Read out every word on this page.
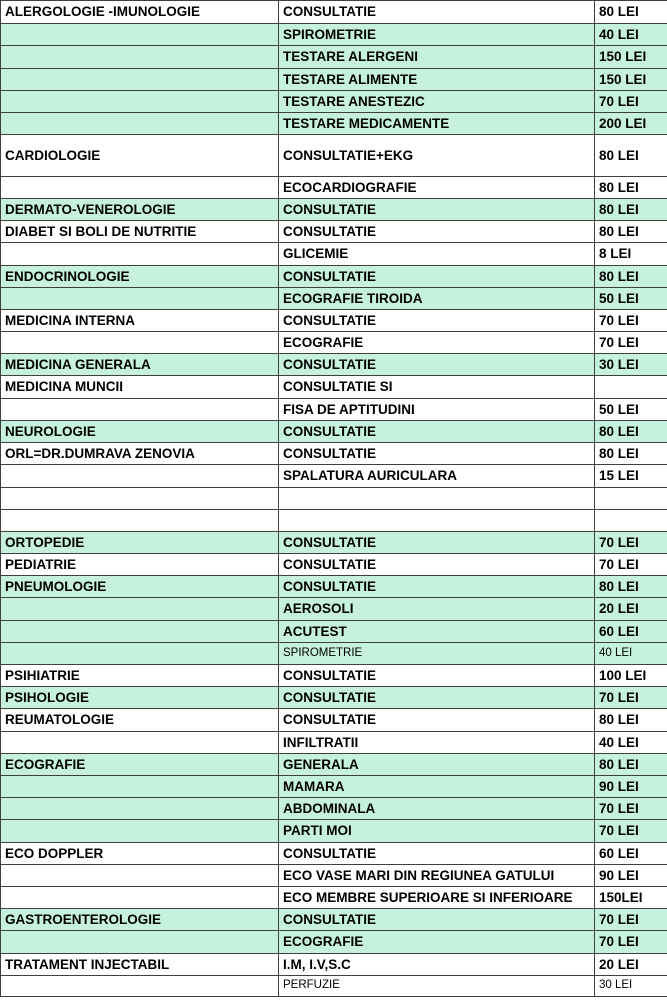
ALERGOLOGIE -IMUNOLOGIE	CONSULTATIE	80 LEI
	SPIROMETRIE	40 LEI
	TESTARE ALERGENI	150 LEI
	TESTARE ALIMENTE	150 LEI
	TESTARE ANESTEZIC	70 LEI
	TESTARE MEDICAMENTE	200 LEI
CARDIOLOGIE	CONSULTATIE+EKG	80 LEI
	ECOCARDIOGRAFIE	80 LEI
DERMATO-VENEROLOGIE	CONSULTATIE	80 LEI
DIABET SI BOLI DE NUTRITIE	CONSULTATIE	80 LEI
	GLICEMIE	8 LEI
ENDOCRINOLOGIE	CONSULTATIE	80 LEI
	ECOGRAFIE TIROIDA	50 LEI
MEDICINA INTERNA	CONSULTATIE	70 LEI
	ECOGRAFIE	70 LEI
MEDICINA GENERALA	CONSULTATIE	30 LEI
MEDICINA MUNCII	CONSULTATIE SI	
	FISA DE APTITUDINI	50 LEI
NEUROLOGIE	CONSULTATIE	80 LEI
ORL=DR.DUMRAVA ZENOVIA	CONSULTATIE	80 LEI
	SPALATURA AURICULARA	15 LEI

ORTOPEDIE	CONSULTATIE	70 LEI
PEDIATRIE	CONSULTATIE	70 LEI
PNEUMOLOGIE	CONSULTATIE	80 LEI
	AEROSOLI	20 LEI
	ACUTEST	60 LEI
	SPIROMETRIE	40 LEI
PSIHIATRIE	CONSULTATIE	100 LEI
PSIHOLOGIE	CONSULTATIE	70 LEI
REUMATOLOGIE	CONSULTATIE	80 LEI
	INFILTRATII	40 LEI
ECOGRAFIE	GENERALA	80 LEI
	MAMARA	90 LEI
	ABDOMINALA	70 LEI
	PARTI MOI	70 LEI
ECO DOPPLER	CONSULTATIE	60 LEI
	ECO VASE MARI DIN REGIUNEA GATULUI	90 LEI
	ECO MEMBRE SUPERIOARE SI INFERIOARE	150LEI
GASTROENTEROLOGIE	CONSULTATIE	70 LEI
	ECOGRAFIE	70 LEI
TRATAMENT INJECTABIL	I.M, I.V,S.C	20 LEI
	PERFUZIE	30 LEI
